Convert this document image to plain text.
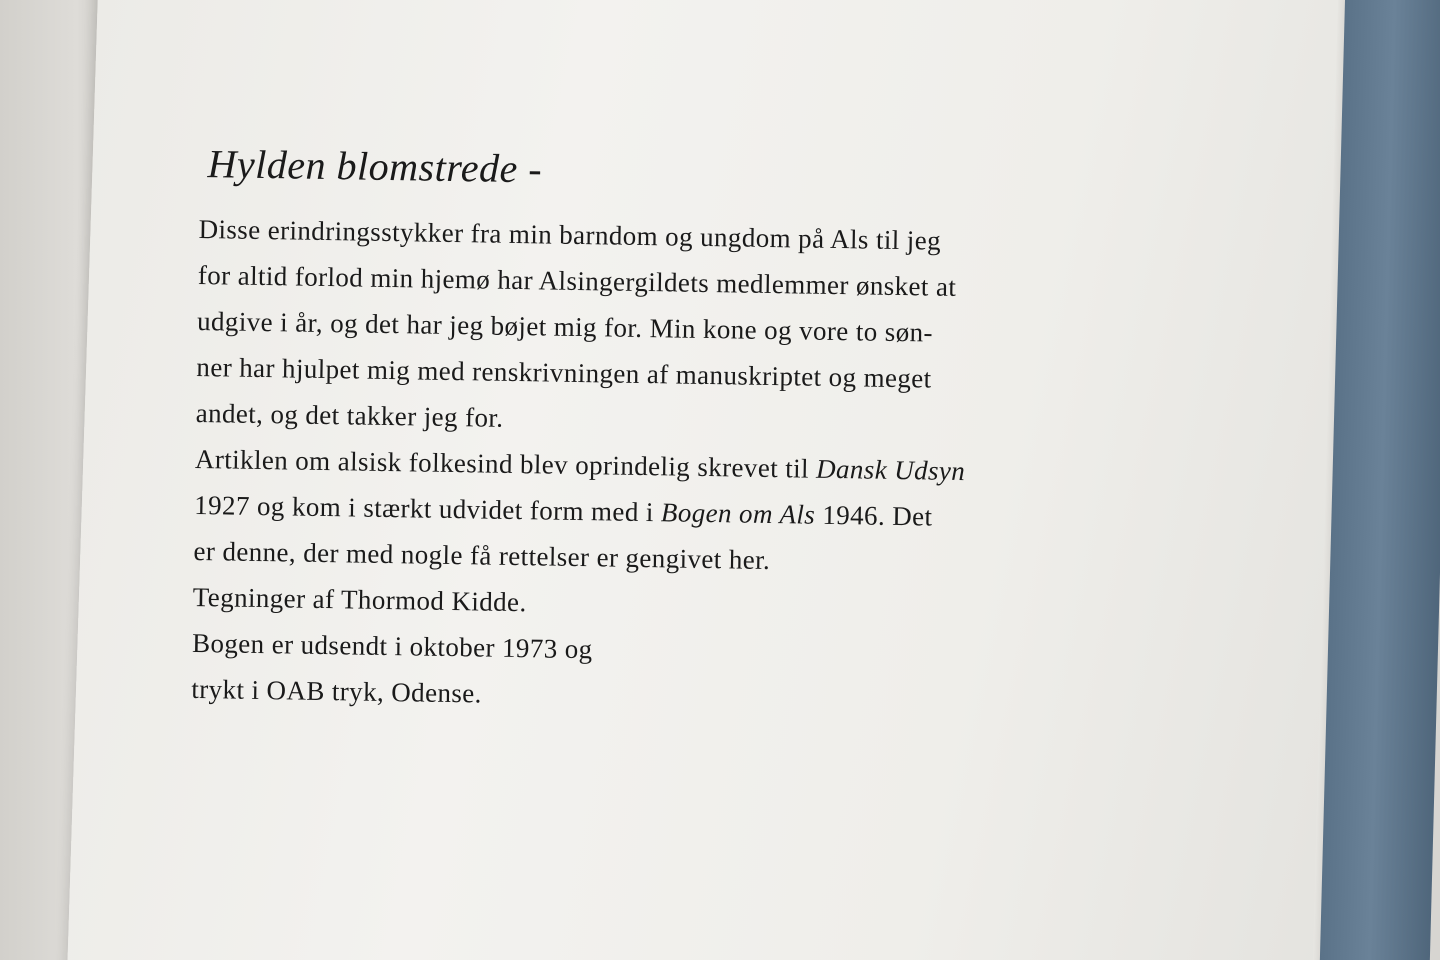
Hylden blomstrede -
Disse erindringsstykker fra min barndom og ungdom på Als til jeg
for altid forlod min hjemø har Alsingergildets medlemmer ønsket at
udgive i år, og det har jeg bøjet mig for. Min kone og vore to søn-
ner har hjulpet mig med renskrivningen af manuskriptet og meget
andet, og det takker jeg for.
Artiklen om alsisk folkesind blev oprindelig skrevet til Dansk Udsyn
1927 og kom i stærkt udvidet form med i Bogen om Als 1946. Det
er denne, der med nogle få rettelser er gengivet her.
Tegninger af Thormod Kidde.
Bogen er udsendt i oktober 1973 og
trykt i OAB tryk, Odense.
